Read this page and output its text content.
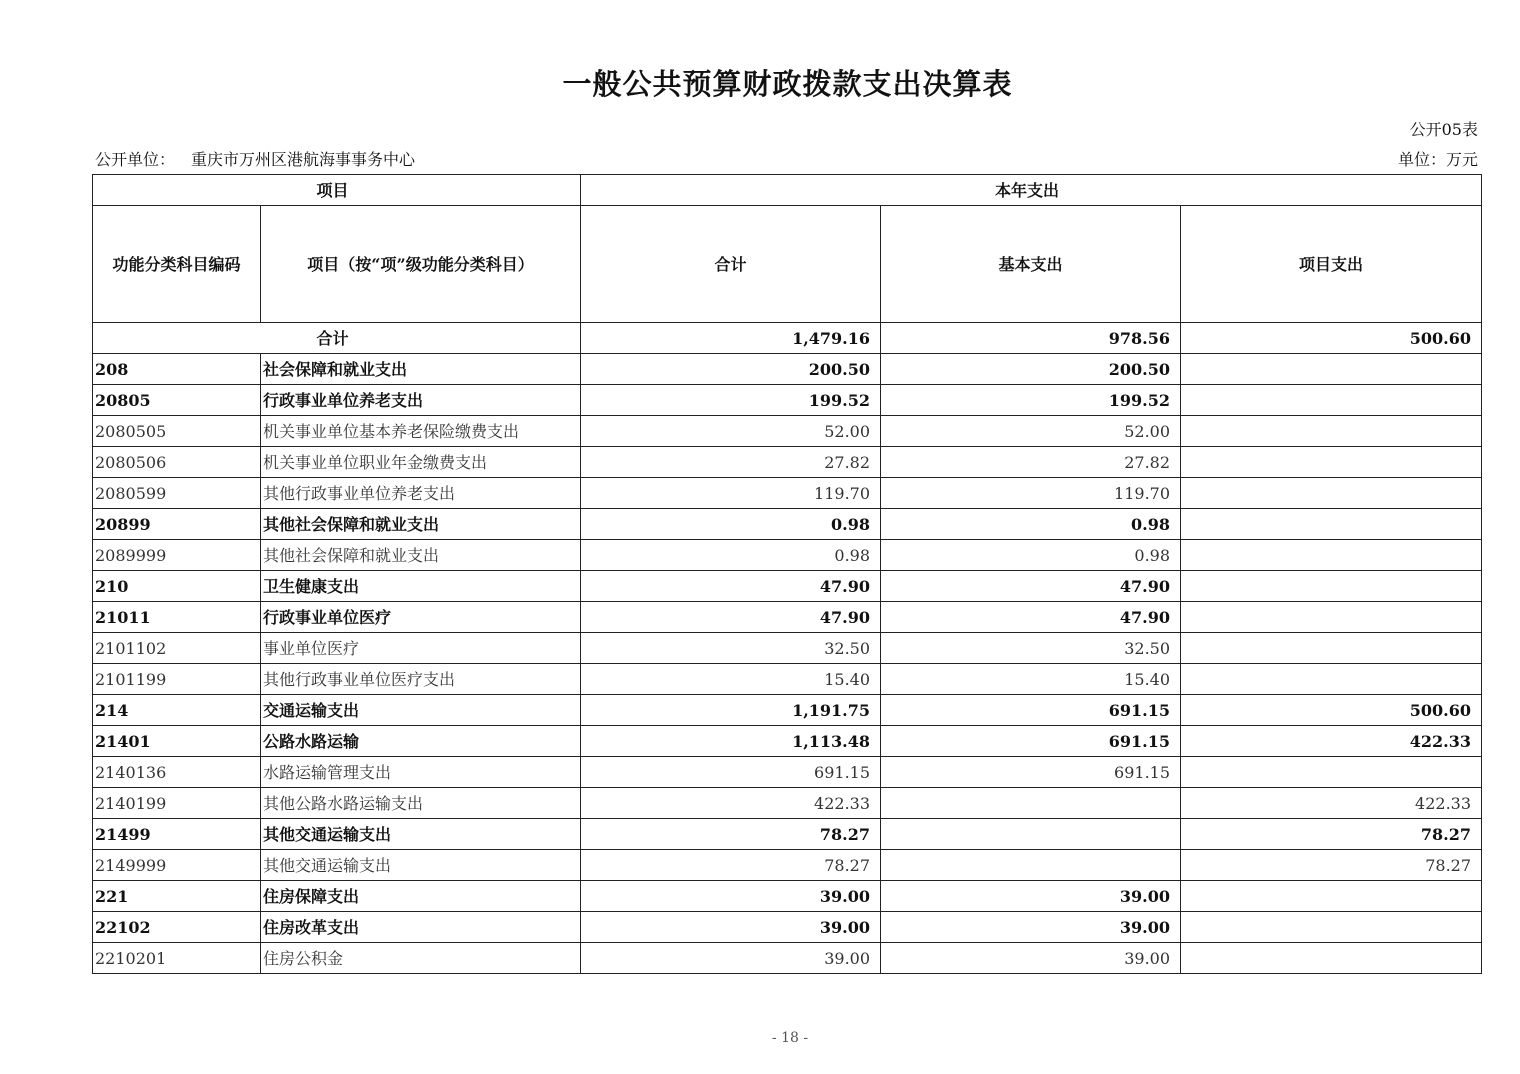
一般公共预算财政拨款支出决算表
公开05表
公开单位： 重庆市万州区港航海事事务中心	单位：万元
项目		本年支出		
功能分类科目编码	项目（按“项”级功能分类科目）	合计	基本支出	项目支出
合计		1,479.16	978.56	500.60
208	社会保障和就业支出	200.50	200.50	
20805	行政事业单位养老支出	199.52	199.52	
2080505	机关事业单位基本养老保险缴费支出	52.00	52.00	
2080506	机关事业单位职业年金缴费支出	27.82	27.82	
2080599	其他行政事业单位养老支出	119.70	119.70	
20899	其他社会保障和就业支出	0.98	0.98	
2089999	其他社会保障和就业支出	0.98	0.98	
210	卫生健康支出	47.90	47.90	
21011	行政事业单位医疗	47.90	47.90	
2101102	事业单位医疗	32.50	32.50	
2101199	其他行政事业单位医疗支出	15.40	15.40	
214	交通运输支出	1,191.75	691.15	500.60
21401	公路水路运输	1,113.48	691.15	422.33
2140136	水路运输管理支出	691.15	691.15	
2140199	其他公路水路运输支出	422.33		422.33
21499	其他交通运输支出	78.27		78.27
2149999	其他交通运输支出	78.27		78.27
221	住房保障支出	39.00	39.00	
22102	住房改革支出	39.00	39.00	
2210201	住房公积金	39.00	39.00	
- 18 -
